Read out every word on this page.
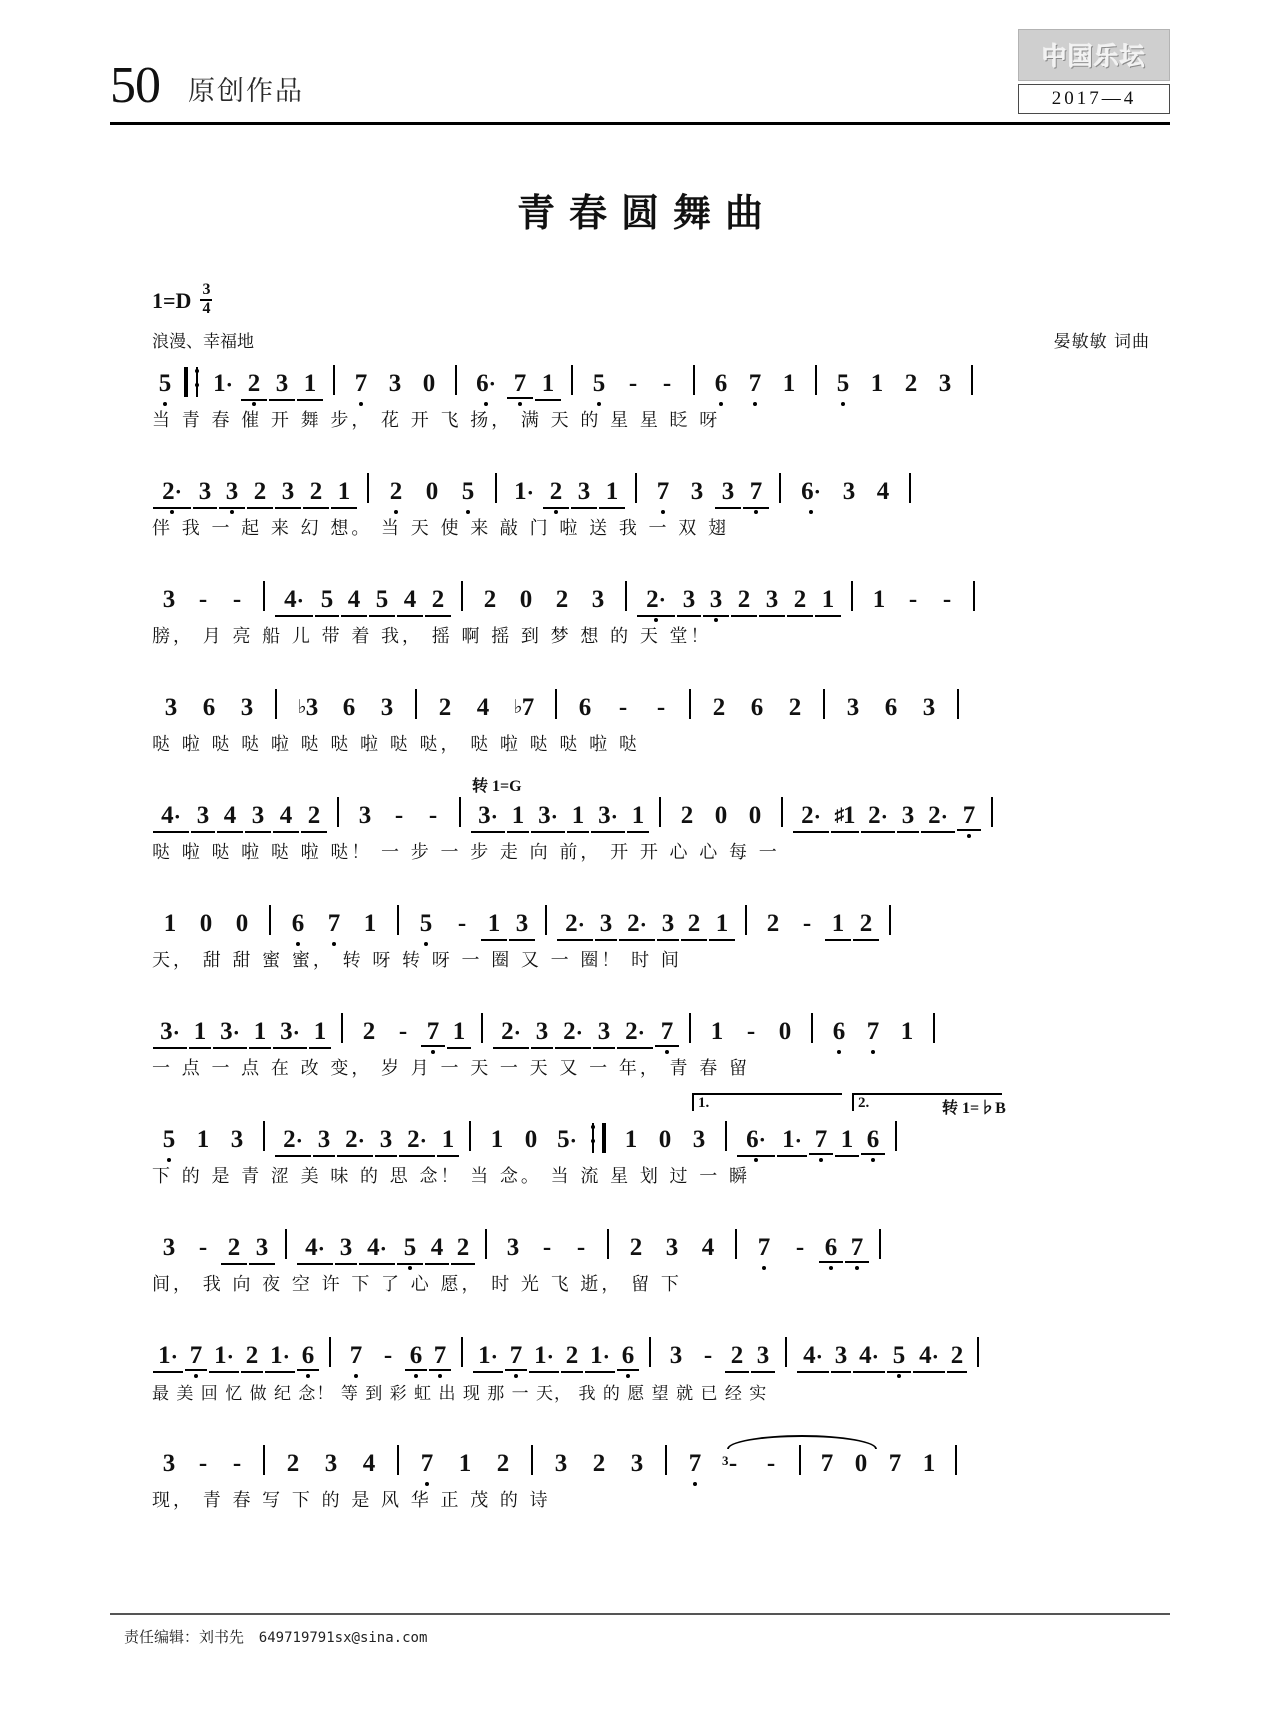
50 原创作品
中国乐坛
2017—4
青春圆舞曲
$1=D \frac{3}{4}$
浪漫、幸福地	晏敏敏 词曲
5 1 · 2 3 1	7 3 0	6· 7 1	5 -	-	6 7 1	5 1 2 3
当 青 春 催 开 舞 步， 花 开 飞 扬， 满 天 的 星 星 眨 呀
2· 3 3 2 3 2 1	2 0 5	1 · 2 3 1	7 3 3 7 6· 3 4
伴 我 一 起 来 幻 想。 当 天 使 来 敲 门 啦 送 我 一 双 翅
3 -	-	4 · 5 4 5 4 2	2 0 2 3	2· 3 3 2 3 2 1	1 -	-
膀， 月 亮 船 儿 带 着 我， 摇 啊 摇 到 梦 想 的 天 堂！
3	6	3	♭ 3 6	3	2	4	♭ 7	6	-	-	2	6	2	3	6	3
哒 啦 哒 哒 啦 哒 哒 啦 哒 哒， 哒 啦 哒 哒 啦 哒
转 1=G
4 · 3 4 3 4 2	3 -	-	3 · 1 3 · 1 3 · 1	2 0 0	2 · ♯ 1 2 · 3 2 · 7
哒 啦 哒 啦 哒 啦 哒！ 一 步 一 步 走 向 前， 开 开 心 心 每 一
1 0 0	6 7 1	5	- 1 3	2 · 3 2 · 3 2 1	2 - 1 2
天， 甜 甜 蜜 蜜， 转 呀 转 呀 一 圈 又 一 圈！ 时 间
3 · 1 3 · 1 3 · 1	2 - 7 1	2 · 3 2 · 3 2 · 7	1 - 0	6 7 1
一 点 一 点 在 改 变， 岁 月 一 天 一 天 又 一 年， 青 春 留
1.	2.	转 1=♭B
5 1 3	2 · 3 2 · 3 2 · 1	1 0 5 ·	1 0 3	6· 1 · 7 1 6
下 的 是 青 涩 美 味 的 思 念！ 当 念。 当 流 星 划 过 一 瞬
3 - 2 3	4 · 3 4 · 5 4 2	3 -	-	2 3 4	7	- 6 7
间， 我 向 夜 空 许 下 了 心 愿， 时 光 飞 逝， 留 下
1 · 7 1 · 2 1 · 6 7 - 6 7 1 · 7 1 · 2 1 · 6	3 - 2 3 4 · 3 4 · 5 4 · 2
最 美 回 忆 做 纪 念！ 等 到 彩 虹 出 现 那 一 天， 我 的 愿 望 就 已 经 实
3
3 -	-	2	3	4	7	1	2	3	2	3	7	-	-	7 0 7 1
现， 青 春 写 下 的 是 风 华 正 茂 的 诗
责任编辑：刘书先 649719791sx@sina.com
